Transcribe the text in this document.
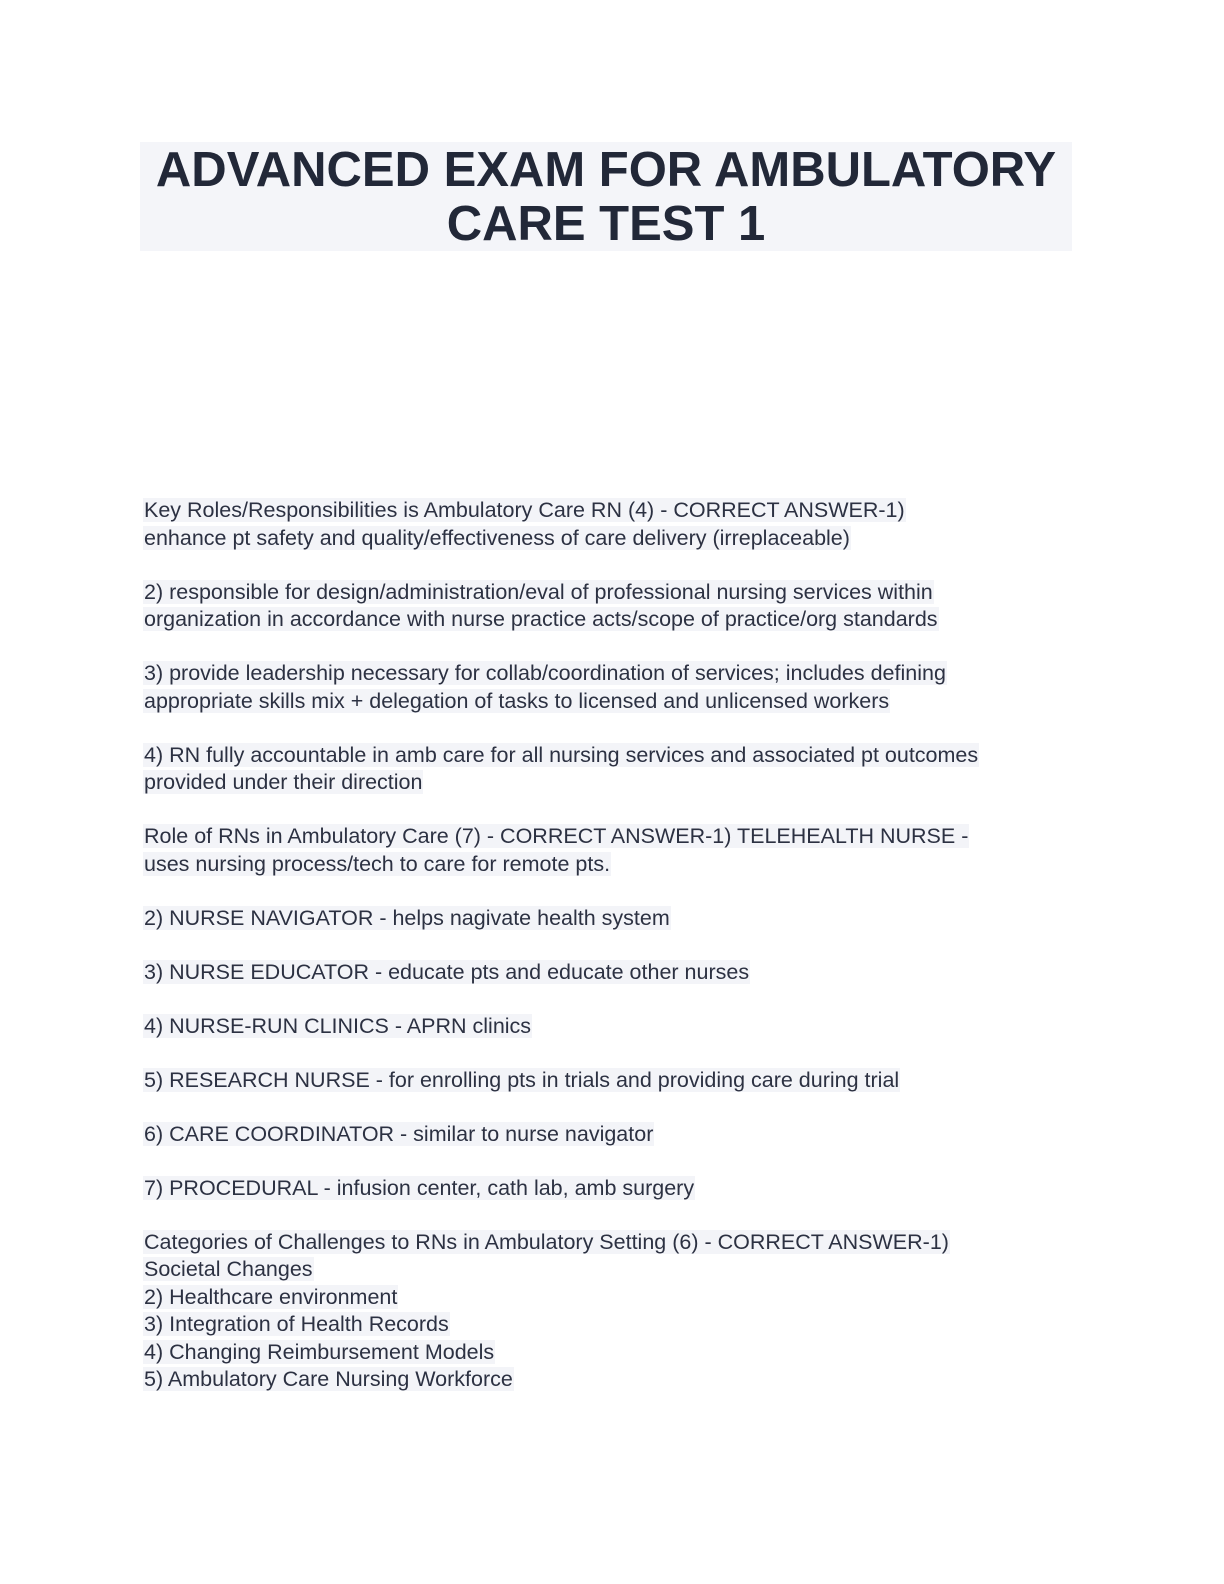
ADVANCED EXAM FOR AMBULATORY
CARE TEST 1

Key Roles/Responsibilities is Ambulatory Care RN (4) - CORRECT ANSWER-1)
enhance pt safety and quality/effectiveness of care delivery (irreplaceable)

2) responsible for design/administration/eval of professional nursing services within
organization in accordance with nurse practice acts/scope of practice/org standards

3) provide leadership necessary for collab/coordination of services; includes defining
appropriate skills mix + delegation of tasks to licensed and unlicensed workers

4) RN fully accountable in amb care for all nursing services and associated pt outcomes
provided under their direction

Role of RNs in Ambulatory Care (7) - CORRECT ANSWER-1) TELEHEALTH NURSE -
uses nursing process/tech to care for remote pts.

2) NURSE NAVIGATOR - helps nagivate health system

3) NURSE EDUCATOR - educate pts and educate other nurses

4) NURSE-RUN CLINICS - APRN clinics

5) RESEARCH NURSE - for enrolling pts in trials and providing care during trial

6) CARE COORDINATOR - similar to nurse navigator

7) PROCEDURAL - infusion center, cath lab, amb surgery

Categories of Challenges to RNs in Ambulatory Setting (6) - CORRECT ANSWER-1)
Societal Changes
2) Healthcare environment
3) Integration of Health Records
4) Changing Reimbursement Models
5) Ambulatory Care Nursing Workforce
